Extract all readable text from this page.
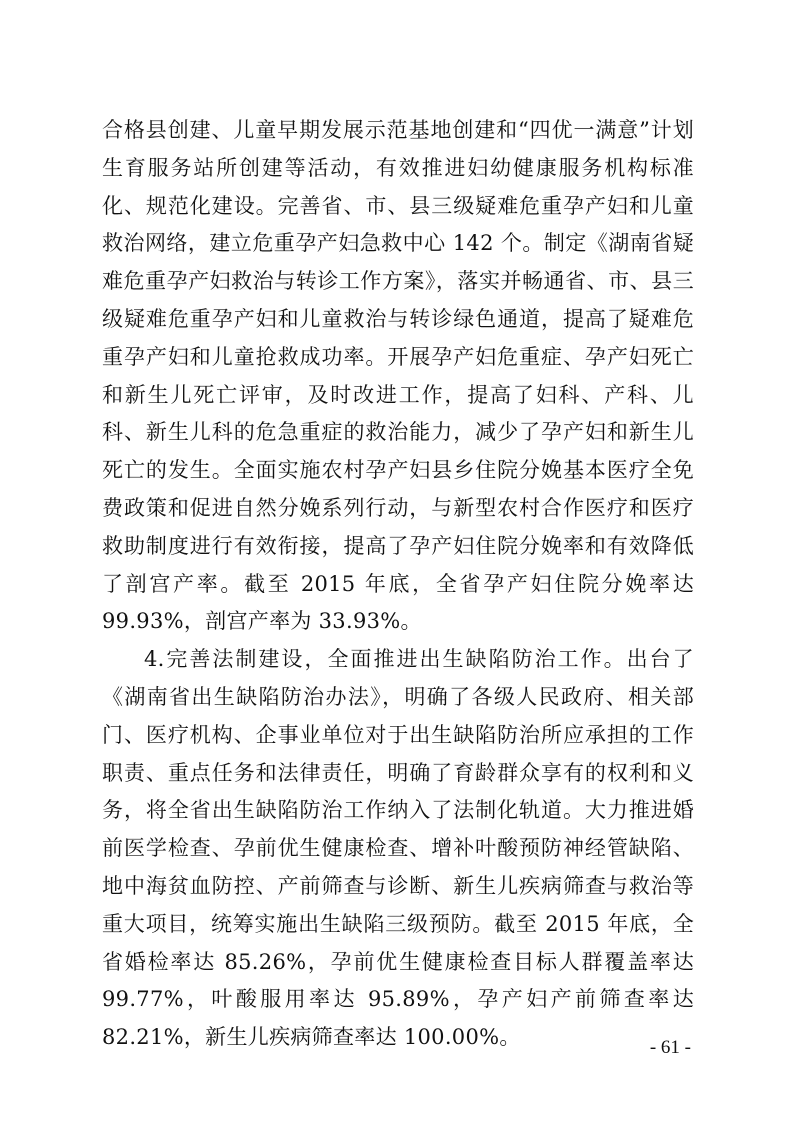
合格县创建、儿童早期发展示范基地创建和“四优一满意”计划生育服务站所创建等活动，有效推进妇幼健康服务机构标准化、规范化建设。完善省、市、县三级疑难危重孕产妇和儿童救治网络，建立危重孕产妇急救中心 142 个。制定《湖南省疑难危重孕产妇救治与转诊工作方案》，落实并畅通省、市、县三级疑难危重孕产妇和儿童救治与转诊绿色通道，提高了疑难危重孕产妇和儿童抢救成功率。开展孕产妇危重症、孕产妇死亡和新生儿死亡评审，及时改进工作，提高了妇科、产科、儿科、新生儿科的危急重症的救治能力，减少了孕产妇和新生儿死亡的发生。全面实施农村孕产妇县乡住院分娩基本医疗全免费政策和促进自然分娩系列行动，与新型农村合作医疗和医疗救助制度进行有效衔接，提高了孕产妇住院分娩率和有效降低了剖宫产率。截至 2015 年底，全省孕产妇住院分娩率达 99.93%，剖宫产率为 33.93%。

4.完善法制建设，全面推进出生缺陷防治工作。出台了《湖南省出生缺陷防治办法》，明确了各级人民政府、相关部门、医疗机构、企事业单位对于出生缺陷防治所应承担的工作职责、重点任务和法律责任，明确了育龄群众享有的权利和义务，将全省出生缺陷防治工作纳入了法制化轨道。大力推进婚前医学检查、孕前优生健康检查、增补叶酸预防神经管缺陷、地中海贫血防控、产前筛查与诊断、新生儿疾病筛查与救治等重大项目，统筹实施出生缺陷三级预防。截至 2015 年底，全省婚检率达 85.26%，孕前优生健康检查目标人群覆盖率达 99.77%，叶酸服用率达 95.89%，孕产妇产前筛查率达 82.21%，新生儿疾病筛查率达 100.00%。	- 61 -
